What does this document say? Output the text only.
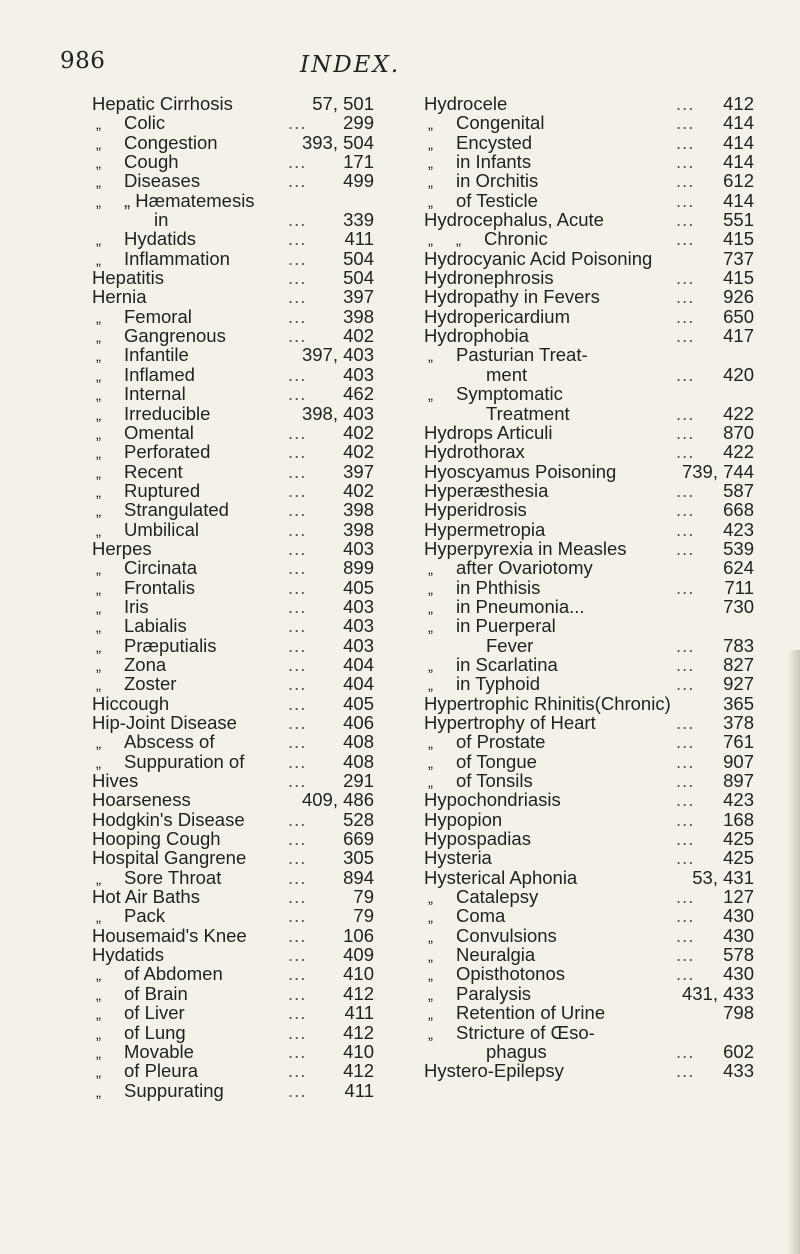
986	INDEX.
Hepatic Cirrhosis	57, 501
„ Colic	... 299
„ Congestion	393, 504
„ Cough	... 171
„ Diseases	... 499
„ „ Hæmatemesis
in	... 339
„ Hydatids	... 411
„ Inflammation	... 504
Hepatitis	... 504
Hernia	... 397
„ Femoral	... 398
„ Gangrenous	... 402
„ Infantile	397, 403
„ Inflamed	... 403
„ Internal	... 462
„ Irreducible	398, 403
„ Omental	... 402
„ Perforated	... 402
„ Recent	... 397
„ Ruptured	... 402
„ Strangulated	... 398
„ Umbilical	... 398
Herpes	... 403
„ Circinata	... 899
„ Frontalis	... 405
„ Iris	... 403
„ Labialis	... 403
„ Præputialis	... 403
„ Zona	... 404
„ Zoster	... 404
Hiccough	... 405
Hip-Joint Disease	... 406
„ Abscess of	... 408
„ Suppuration of ... 408
Hives	... 291
Hoarseness	409, 486
Hodgkin's Disease ... 528
Hooping Cough	... 669
Hospital Gangrene ... 305
„ Sore Throat	... 894
Hot Air Baths	...	79
„ Pack	...	79
Housemaid's Knee ... 106
Hydatids	... 409
„ of Abdomen	... 410
„ of Brain	... 412
„ of Liver	... 411
„ of Lung	... 412
„ Movable	... 410
„ of Pleura	... 412
„ Suppurating	... 411
Hydrocele	... 412
„ Congenital	... 414
„ Encysted	... 414
„ in Infants	... 414
„ in Orchitis	... 612
„ of Testicle	... 414
Hydrocephalus, Acute	... 551
„ „ Chronic	... 415
Hydrocyanic Acid Poisoning	737
Hydronephrosis	... 415
Hydropathy in Fevers	... 926
Hydropericardium	... 650
Hydrophobia	... 417
„ Pasturian Treat-
ment	... 420
„ Symptomatic
Treatment	... 422
Hydrops Articuli	... 870
Hydrothorax	... 422
Hyoscyamus Poisoning	739, 744
Hyperæsthesia	... 587
Hyperidrosis	... 668
Hypermetropia	... 423
Hyperpyrexia in Measles	... 539
„ after Ovariotomy	624
„ in Phthisis	... 711
„ in Pneumonia...	730
„ in Puerperal
Fever	... 783
„ in Scarlatina	... 827
„ in Typhoid	... 927
Hypertrophic Rhinitis(Chronic)	365
Hypertrophy of Heart	... 378
„ of Prostate	... 761
„ of Tongue	... 907
„ of Tonsils	... 897
Hypochondriasis	... 423
Hypopion	... 168
Hypospadias	... 425
Hysteria	... 425
Hysterical Aphonia	53, 431
„ Catalepsy	... 127
„ Coma	... 430
„ Convulsions	... 430
„ Neuralgia	... 578
„ Opisthotonos	... 430
„ Paralysis	431, 433
„ Retention of Urine	798
„ Stricture of Œso-
phagus	... 602
Hystero-Epilepsy	... 433
